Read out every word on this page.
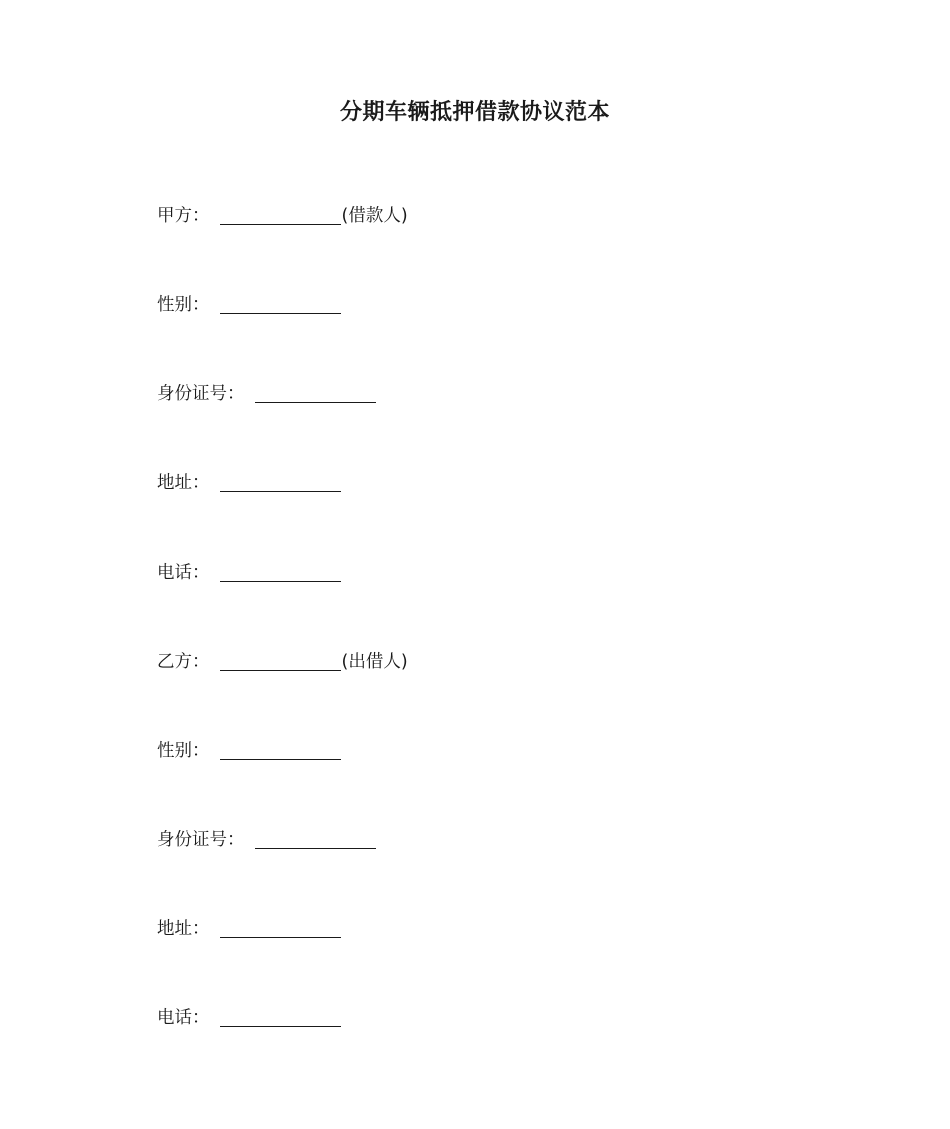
分期车辆抵押借款协议范本
甲方：	(借款人)
性别：
身份证号：
地址：
电话：
乙方：	(出借人)
性别：
身份证号：
地址：
电话：
